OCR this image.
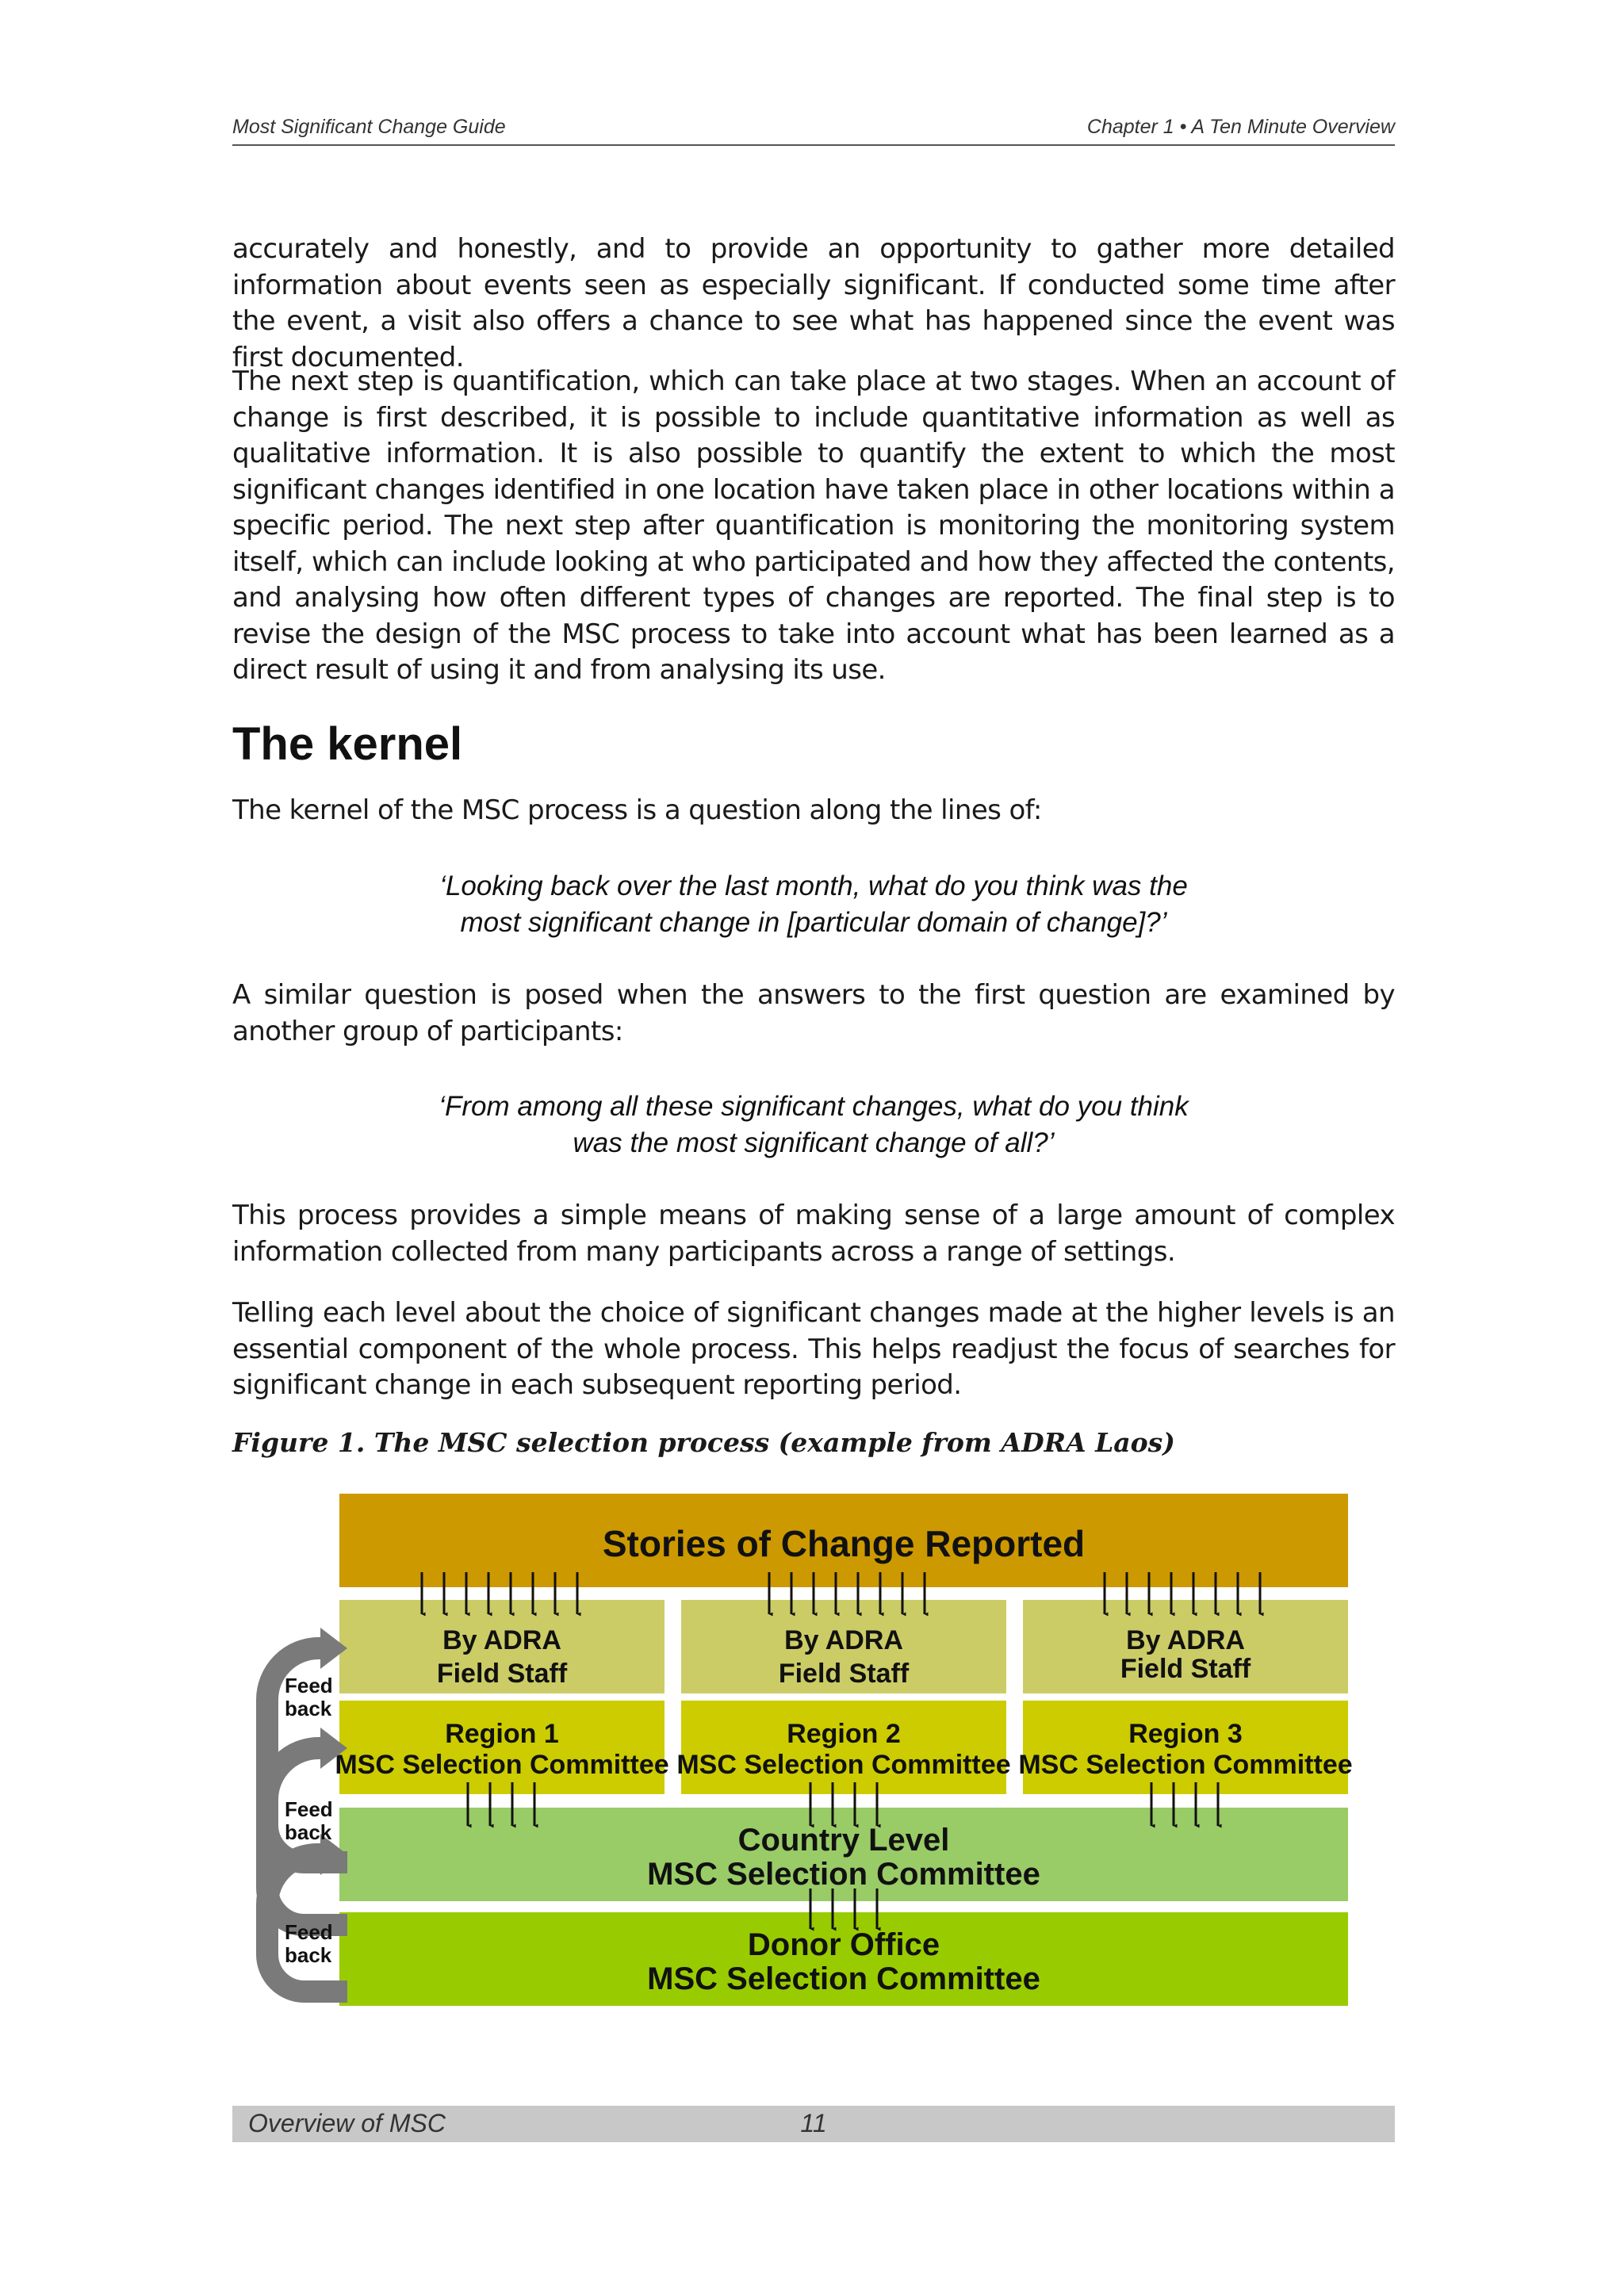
Most Significant Change Guide	Chapter 1 • A Ten Minute Overview

accurately and honestly, and to provide an opportunity to gather more detailed information about events seen as especially significant. If conducted some time after the event, a visit also offers a chance to see what has happened since the event was first documented.

The next step is quantification, which can take place at two stages. When an account of change is first described, it is possible to include quantitative information as well as qualitative information. It is also possible to quantify the extent to which the most significant changes identified in one location have taken place in other locations within a specific period. The next step after quantification is monitoring the monitoring system itself, which can include looking at who participated and how they affected the contents, and analysing how often different types of changes are reported. The final step is to revise the design of the MSC process to take into account what has been learned as a direct result of using it and from analysing its use.

The kernel

The kernel of the MSC process is a question along the lines of:

‘Looking back over the last month, what do you think was the
most significant change in [particular domain of change]?’

A similar question is posed when the answers to the first question are examined by another group of participants:

‘From among all these significant changes, what do you think
was the most significant change of all?’

This process provides a simple means of making sense of a large amount of complex information collected from many participants across a range of settings.

Telling each level about the choice of significant changes made at the higher levels is an essential component of the whole process. This helps readjust the focus of searches for significant change in each subsequent reporting period.

Figure 1. The MSC selection process (example from ADRA Laos)

Stories of Change Reported
By ADRA
Field Staff
By ADRA
Field Staff
By ADRA
Field Staff
Region 1
MSC Selection Committee
Region 2
MSC Selection Committee
Region 3
MSC Selection Committee
Country Level
MSC Selection Committee
Donor Office
MSC Selection Committee
Feed
back
Feed
back
Feed
back
Overview of MSC	11
